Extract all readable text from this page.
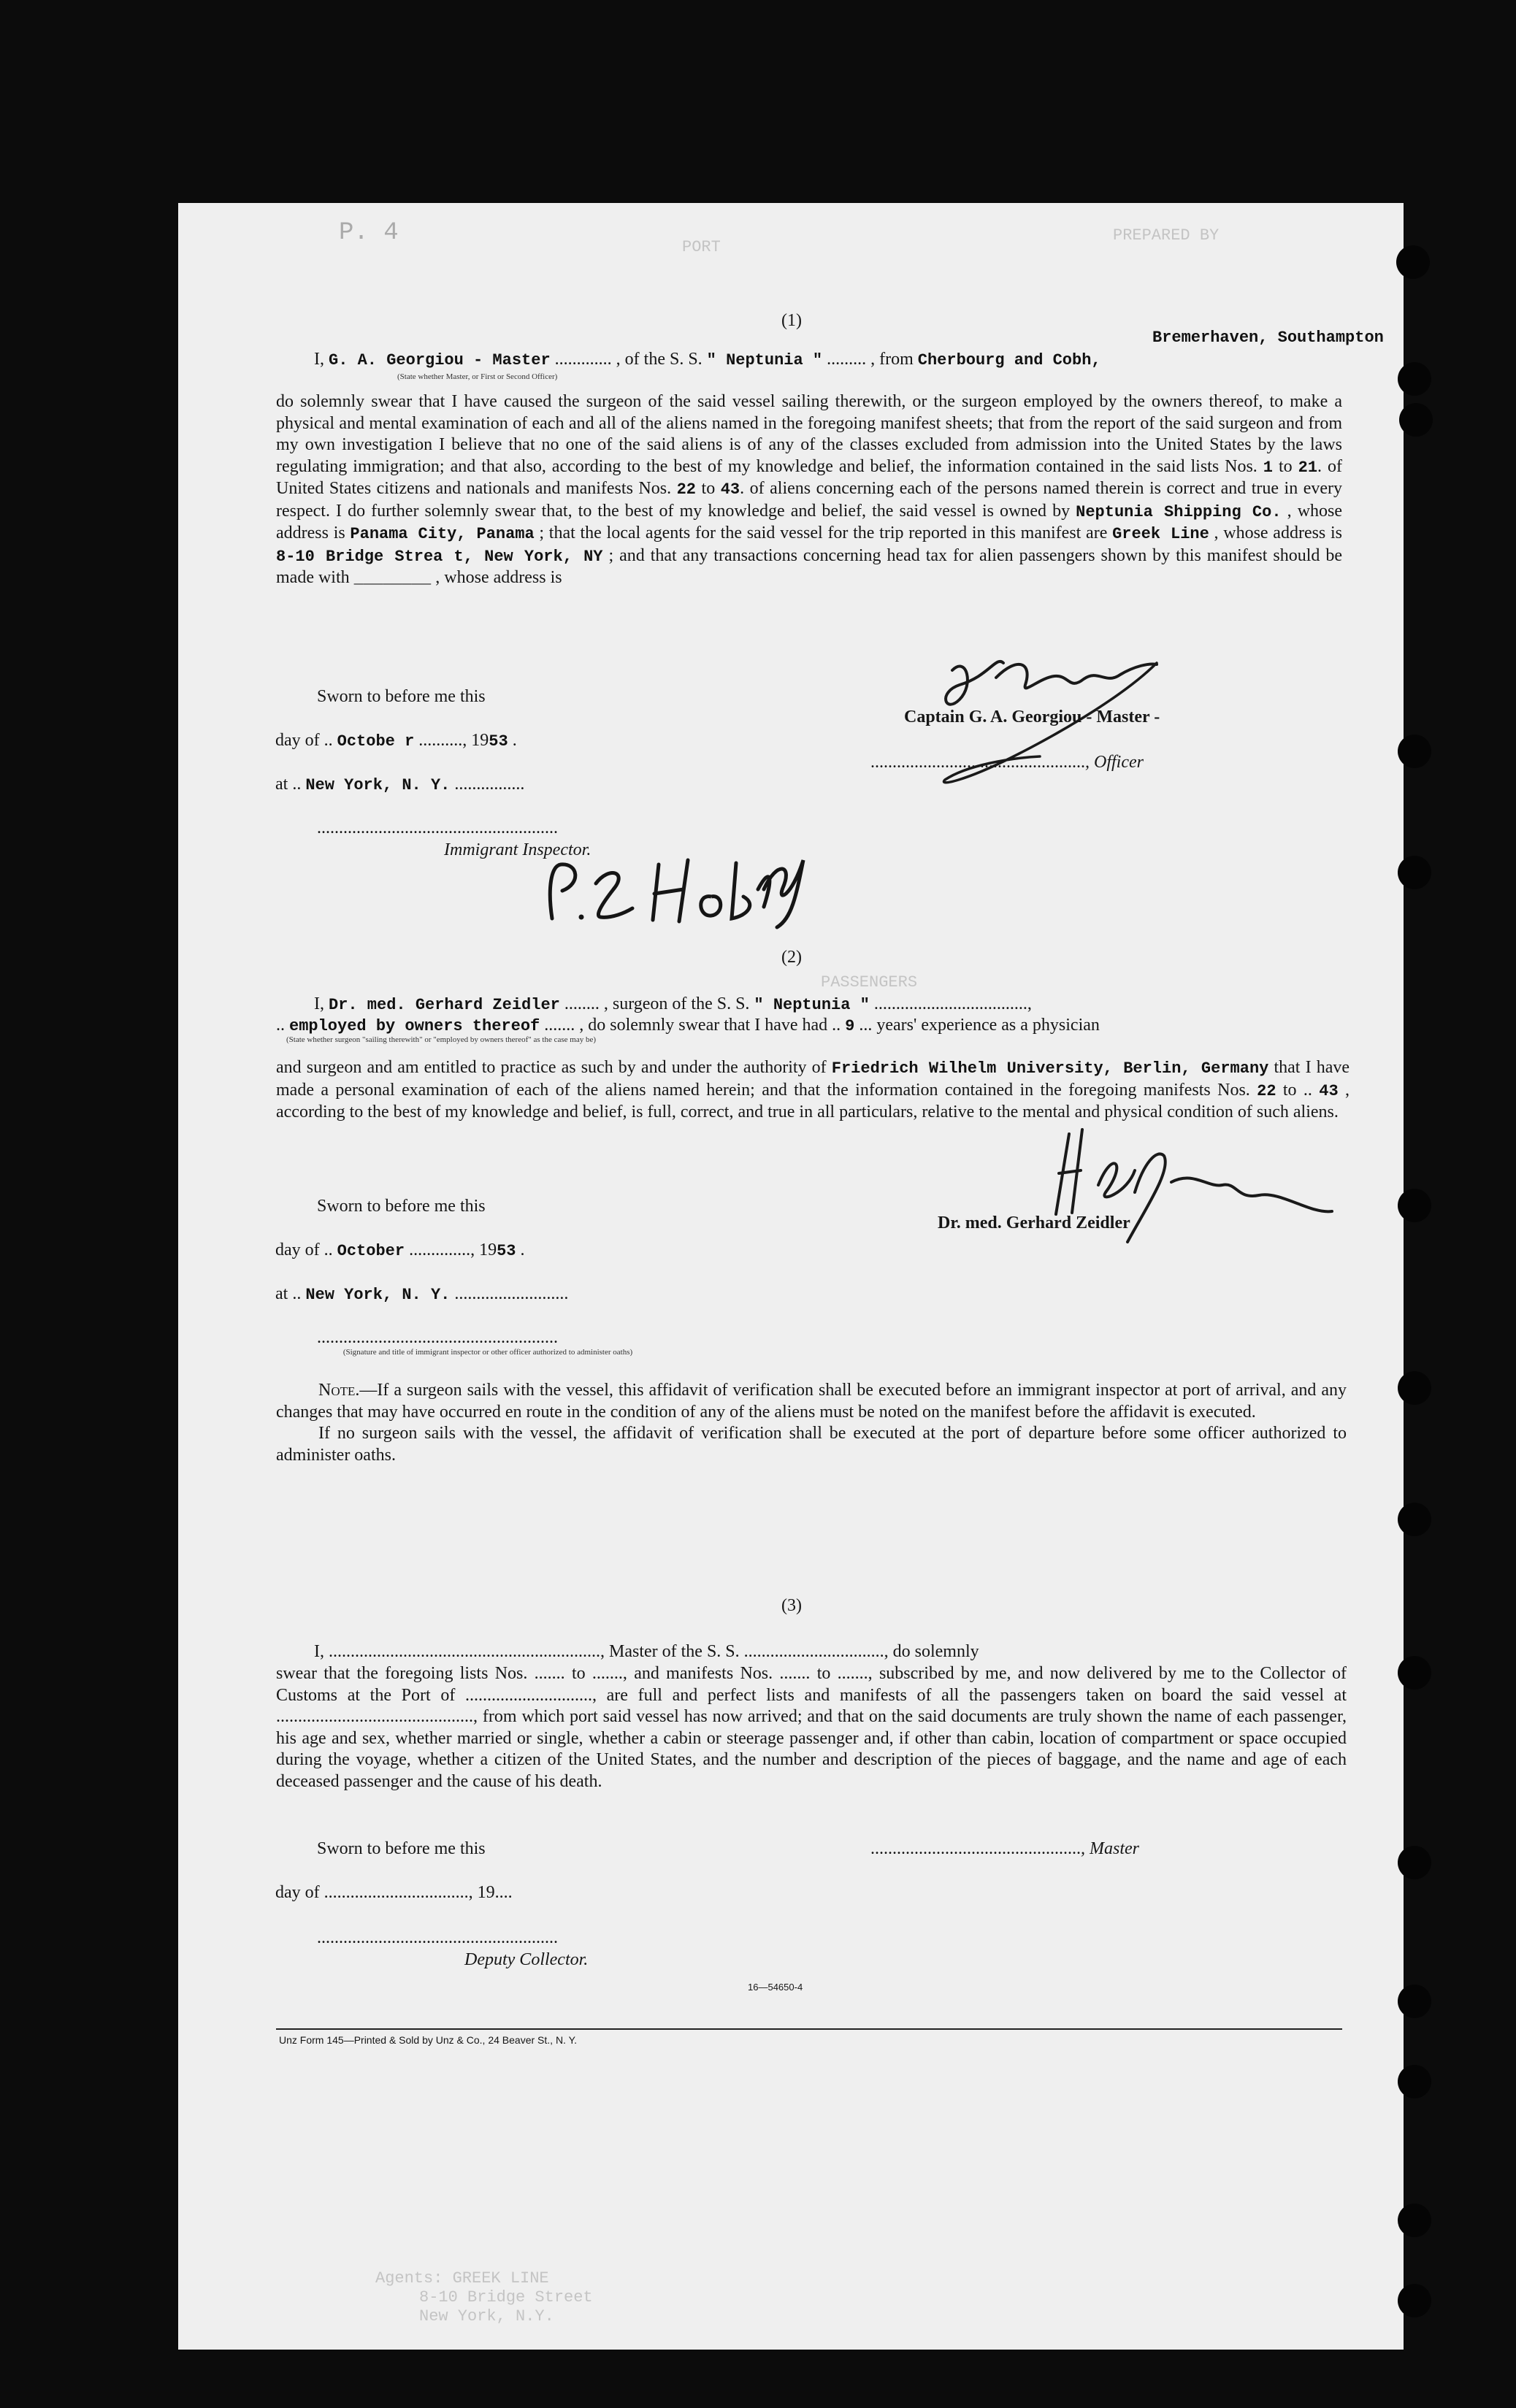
P. 4
PORT
PREPARED BY
PASSENGERS
Agents: GREEK LINE
8-10 Bridge Street
New York, N.Y.
(1)
Bremerhaven, Southampton
I, G. A. Georgiou - Master ............. , of the S. S. " Neptunia " ......... , from Cherbourg and Cobh,
(State whether Master, or First or Second Officer)

do solemnly swear that I have caused the surgeon of the said vessel sailing therewith, or the surgeon employed by the owners thereof, to make a physical and mental examination of each and all of the aliens named in the foregoing manifest sheets; that from the report of the said surgeon and from my own investigation I believe that no one of the said aliens is of any of the classes excluded from admission into the United States by the laws regulating immigration; and that also, according to the best of my knowledge and belief, the information contained in the said lists Nos. 1 to 21. of United States citizens and nationals and manifests Nos. 22 to 43. of aliens concerning each of the persons named therein is correct and true in every respect. I do further solemnly swear that, to the best of my knowledge and belief, the said vessel is owned by Neptunia Shipping Co. , whose address is Panama City, Panama ; that the local agents for the said vessel for the trip reported in this manifest are Greek Line , whose address is 8-10 Bridge Strea t, New York, NY ; and that any transactions concerning head tax for alien passengers shown by this manifest should be made with ________ , whose address is

Sworn to before me this
day of .. Octobe r .........., 1953 .
at .. New York, N. Y. ................
.......................................................
Immigrant Inspector.
Captain G. A. Georgiou - Master -
................................................., Officer
(2)
I, Dr. med. Gerhard Zeidler ........ , surgeon of the S. S. " Neptunia " ...................................,
.. employed by owners thereof ....... , do solemnly swear that I have had .. 9 ... years' experience as a physician
(State whether surgeon "sailing therewith" or "employed by owners thereof" as the case may be)

and surgeon and am entitled to practice as such by and under the authority of Friedrich Wilhelm University, Berlin, Germany that I have made a personal examination of each of the aliens named herein; and that the information contained in the foregoing manifests Nos. 22 to .. 43 , according to the best of my knowledge and belief, is full, correct, and true in all particulars, relative to the mental and physical condition of such aliens.

Sworn to before me this
day of .. October .............., 1953 .
at .. New York, N. Y. ..........................
.......................................................
(Signature and title of immigrant inspector or other officer authorized to administer oaths)
Dr. med. Gerhard Zeidler

Note.—If a surgeon sails with the vessel, this affidavit of verification shall be executed before an immigrant inspector at port of arrival, and any changes that may have occurred en route in the condition of any of the aliens must be noted on the manifest before the affidavit is executed.

If no surgeon sails with the vessel, the affidavit of verification shall be executed at the port of departure before some officer authorized to administer oaths.

(3)
I, .............................................................., Master of the S. S. ................................, do solemnly

swear that the foregoing lists Nos. ....... to ......., and manifests Nos. ....... to ......., subscribed by me, and now delivered by me to the Collector of Customs at the Port of ............................., are full and perfect lists and manifests of all the passengers taken on board the said vessel at ............................................., from which port said vessel has now arrived; and that on the said documents are truly shown the name of each passenger, his age and sex, whether married or single, whether a cabin or steerage passenger and, if other than cabin, location of compartment or space occupied during the voyage, whether a citizen of the United States, and the number and description of the pieces of baggage, and the name and age of each deceased passenger and the cause of his death.

Sworn to before me this	................................................, Master
day of ................................., 19....
.......................................................
Deputy Collector.
16—54650-4
Unz Form 145—Printed & Sold by Unz & Co., 24 Beaver St., N. Y.
